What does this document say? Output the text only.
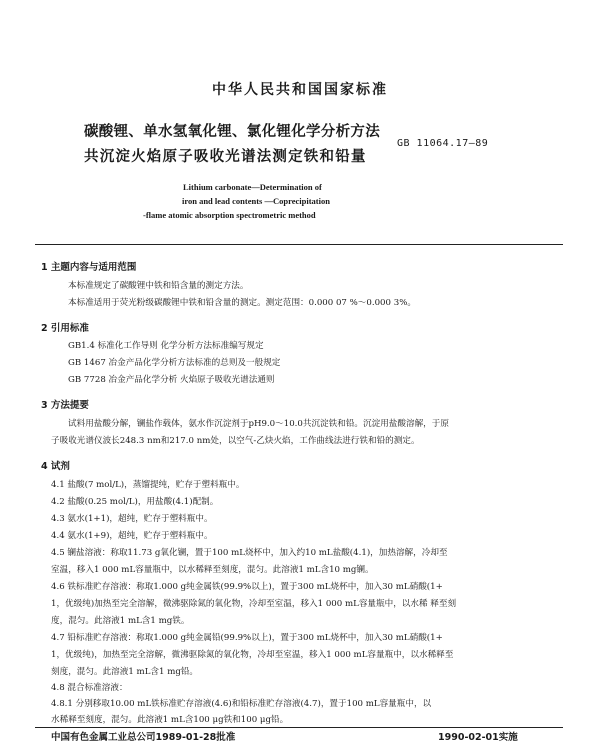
中华人民共和国国家标准
碳酸锂、单水氢氧化锂、氯化锂化学分析方法
共沉淀火焰原子吸收光谱法测定铁和铅量
GB 11064.17—89
Lithium carbonate—Determination of
iron and lead contents —Coprecipitation
-flame atomic absorption spectrometric method
1 主题内容与适用范围
本标准规定了碳酸锂中铁和铅含量的测定方法。
本标准适用于荧光粉级碳酸锂中铁和铅含量的测定。测定范围：0.000 07 %～0.000 3%。
2 引用标准
GB1.4 标准化工作导则 化学分析方法标准编写规定
GB 1467 冶金产品化学分析方法标准的总则及一般规定
GB 7728 冶金产品化学分析 火焰原子吸收光谱法通则
3 方法提要
试料用盐酸分解，镧盐作载体，氨水作沉淀剂于pH9.0～10.0共沉淀铁和铅。沉淀用盐酸溶解，于原
子吸收光谱仪波长248.3 nm和217.0 nm处，以空气-乙炔火焰，工作曲线法进行铁和铅的测定。
4 试剂
4.1 盐酸(7 mol/L)，蒸馏提纯，贮存于塑料瓶中。
4.2 盐酸(0.25 mol/L)，用盐酸(4.1)配制。
4.3 氨水(1+1)，超纯，贮存于塑料瓶中。
4.4 氨水(1+9)，超纯，贮存于塑料瓶中。
4.5 镧盐溶液：称取11.73 g氧化镧，置于100 mL烧杯中，加入约10 mL盐酸(4.1)，加热溶解，冷却至
室温，移入1 000 mL容量瓶中，以水稀释至刻度，混匀。此溶液1 mL含10 mg镧。
4.6 铁标准贮存溶液：称取1.000 g纯金属铁(99.9%以上)，置于300 mL烧杯中，加入30 mL硝酸(1+
1，优级纯)加热至完全溶解，微沸驱除氮的氧化物，冷却至室温，移入1 000 mL容量瓶中，以水稀 释至刻
度，混匀。此溶液1 mL含1 mg铁。
4.7 铅标准贮存溶液：称取1.000 g纯金属铅(99.9%以上)，置于300 mL烧杯中，加入30 mL硝酸(1+
1，优级纯)，加热至完全溶解，微沸驱除氮的氧化物，冷却至室温，移入1 000 mL容量瓶中，以水稀释至
刻度，混匀。此溶液1 mL含1 mg铅。
4.8 混合标准溶液：
4.8.1 分别移取10.00 mL铁标准贮存溶液(4.6)和铅标准贮存溶液(4.7)，置于100 mL容量瓶中，以
水稀释至刻度，混匀。此溶液1 mL含100 μg铁和100 μg铅。
中国有色金属工业总公司1989-01-28批准	1990-02-01实施
